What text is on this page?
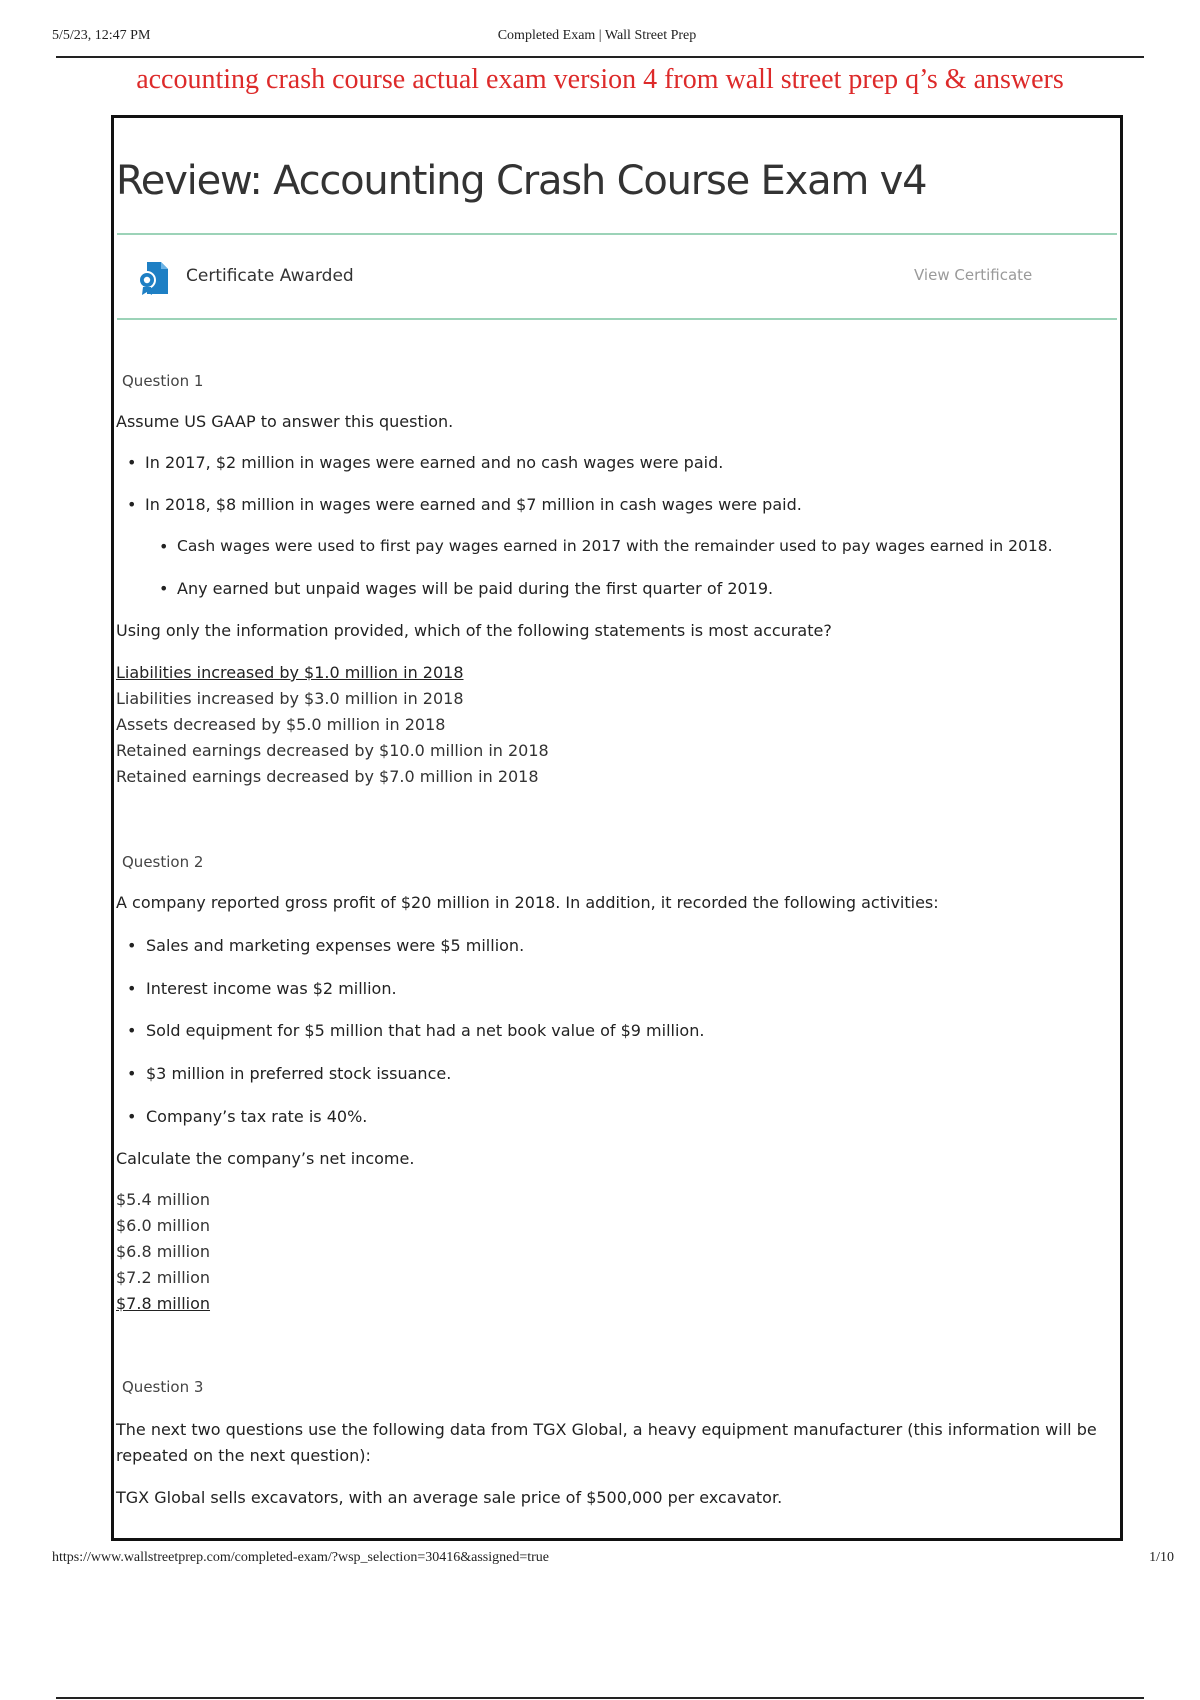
5/5/23, 12:47 PM	Completed Exam | Wall Street Prep
accounting crash course actual exam version 4 from wall street prep q’s & answers
Review: Accounting Crash Course Exam v4
Certificate Awarded	View Certificate
Question 1
Assume US GAAP to answer this question.
• In 2017, $2 million in wages were earned and no cash wages were paid.
• In 2018, $8 million in wages were earned and $7 million in cash wages were paid.
• Cash wages were used to first pay wages earned in 2017 with the remainder used to pay wages earned in 2018.
• Any earned but unpaid wages will be paid during the first quarter of 2019.
Using only the information provided, which of the following statements is most accurate?
Liabilities increased by $1.0 million in 2018
Liabilities increased by $3.0 million in 2018
Assets decreased by $5.0 million in 2018
Retained earnings decreased by $10.0 million in 2018
Retained earnings decreased by $7.0 million in 2018
Question 2
A company reported gross profit of $20 million in 2018. In addition, it recorded the following activities:
• Sales and marketing expenses were $5 million.
• Interest income was $2 million.
• Sold equipment for $5 million that had a net book value of $9 million.
• $3 million in preferred stock issuance.
• Company’s tax rate is 40%.
Calculate the company’s net income.
$5.4 million
$6.0 million
$6.8 million
$7.2 million
$7.8 million
Question 3
The next two questions use the following data from TGX Global, a heavy equipment manufacturer (this information will be
repeated on the next question):
TGX Global sells excavators, with an average sale price of $500,000 per excavator.
https://www.wallstreetprep.com/completed-exam/?wsp_selection=30416&assigned=true	1/10
